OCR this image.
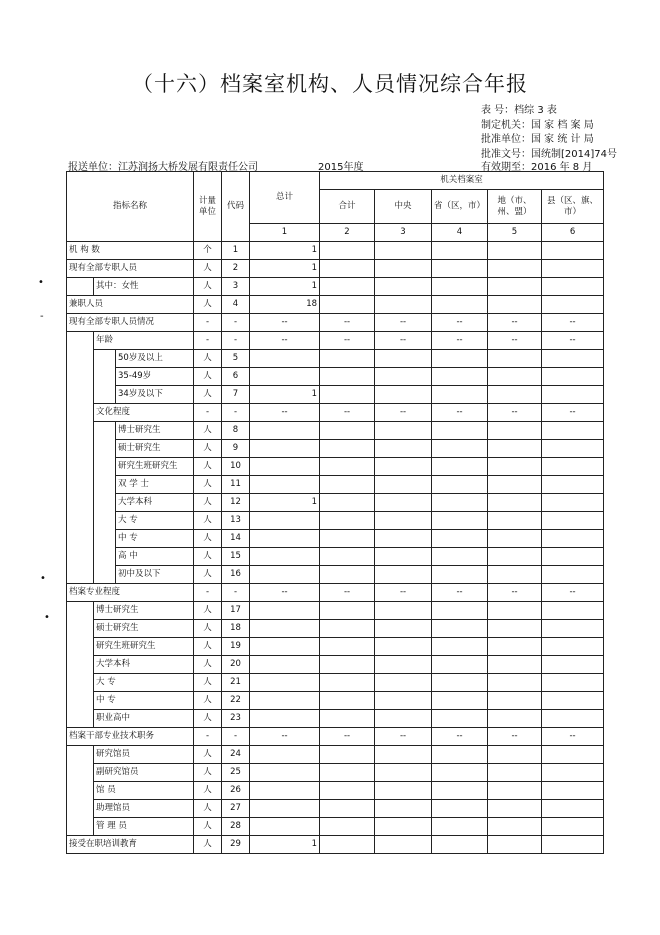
（十六）档案室机构、人员情况综合年报
表 号：档综 3 表
制定机关：国 家 档 案 局
批准单位：国 家 统 计 局
批准文号：国统制[2014]74号
报送单位：江苏润扬大桥发展有限责任公司	2015年度	有效期至：2016 年 8 月
指标名称			计量单位	代码	总计	机关档案室				
						合计	中央	省（区，市）	地（市、州、盟）	县（区、旗、市）
					1	2	3	4	5	6
机 构 数			个	1	1					
现有全部专职人员			人	2	1					
	其中：女性		人	3	1					
兼职人员			人	4	18					
现有全部专职人员情况			-	-	--	--	--	--	--	--
	年龄		-	-	--	--	--	--	--	--
		50岁及以上	人	5						
		35-49岁	人	6						
		34岁及以下	人	7	1					
	文化程度		-	-	--	--	--	--	--	--
		博士研究生	人	8						
		硕士研究生	人	9						
		研究生班研究生	人	10						
		双 学 士	人	11						
		大学本科	人	12	1					
		大 专	人	13						
		中 专	人	14						
		高 中	人	15						
		初中及以下	人	16						
档案专业程度			-	-	--	--	--	--	--	--
	博士研究生		人	17						
	硕士研究生		人	18						
	研究生班研究生		人	19						
	大学本科		人	20						
	大 专		人	21						
	中 专		人	22						
	职业高中		人	23						
档案干部专业技术职务			-	-	--	--	--	--	--	--
	研究馆员		人	24						
	副研究馆员		人	25						
	馆 员		人	26						
	助理馆员		人	27						
	管 理 员		人	28						
接受在职培训教育			人	29	1					
•
-
•
•
